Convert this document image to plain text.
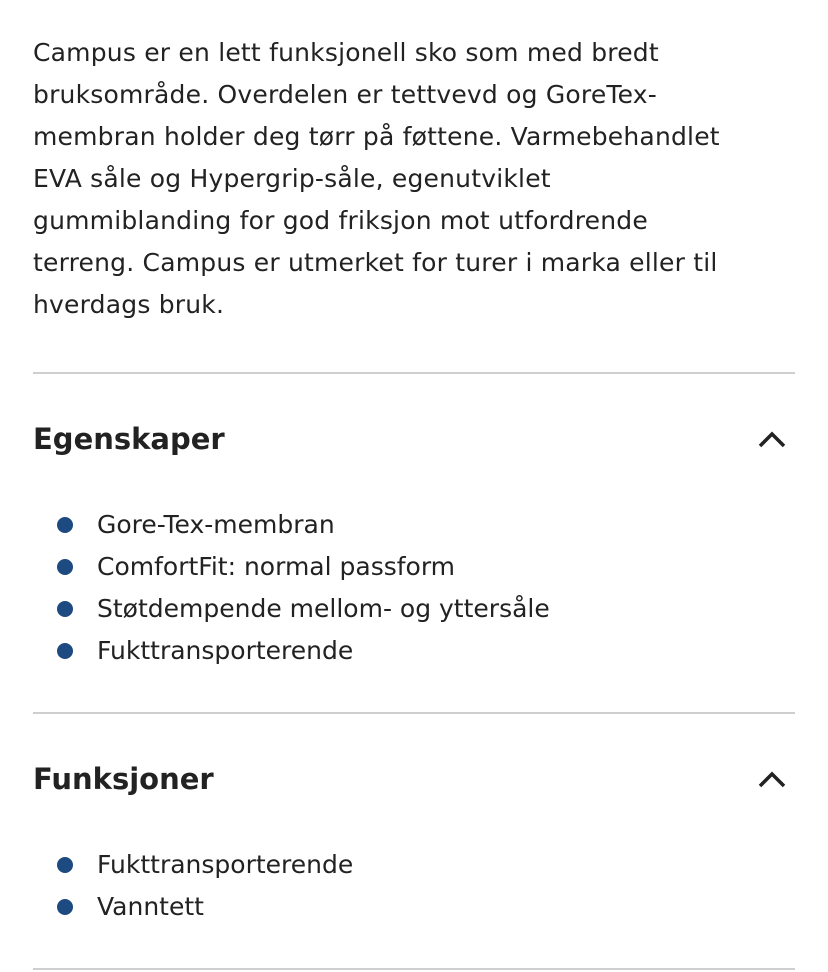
Campus er en lett funksjonell sko som med bredt
bruksområde. Overdelen er tettvevd og GoreTex-
membran holder deg tørr på føttene. Varmebehandlet
EVA såle og Hypergrip-såle, egenutviklet
gummiblanding for god friksjon mot utfordrende
terreng. Campus er utmerket for turer i marka eller til
hverdags bruk.

Egenskaper
Gore-Tex-membran
ComfortFit: normal passform
Støtdempende mellom- og yttersåle
Fukttransporterende
Funksjoner
Fukttransporterende
Vanntett
